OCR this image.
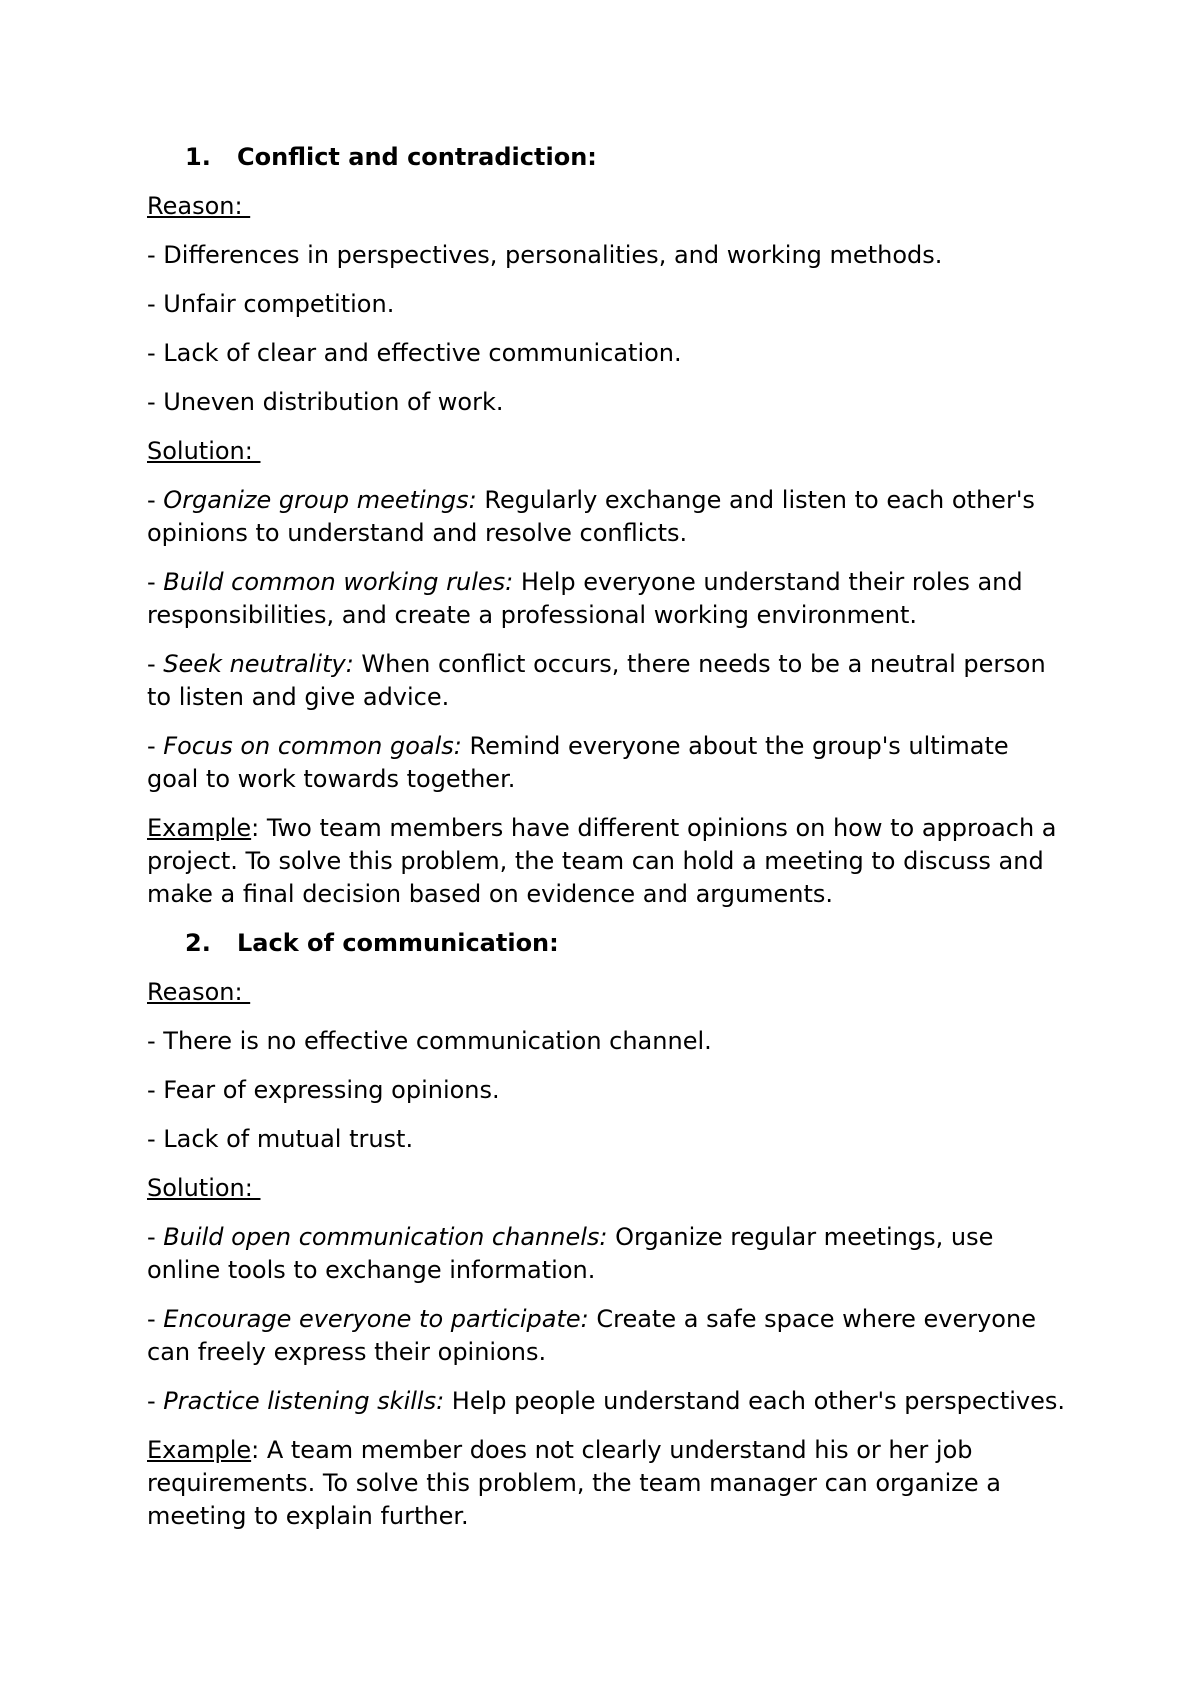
1. Conflict and contradiction:
Reason:
- Differences in perspectives, personalities, and working methods.
- Unfair competition.
- Lack of clear and effective communication.
- Uneven distribution of work.
Solution:
- Organize group meetings: Regularly exchange and listen to each other's opinions to understand and resolve conflicts.
- Build common working rules: Help everyone understand their roles and responsibilities, and create a professional working environment.
- Seek neutrality: When conflict occurs, there needs to be a neutral person to listen and give advice.
- Focus on common goals: Remind everyone about the group's ultimate goal to work towards together.
Example: Two team members have different opinions on how to approach a project. To solve this problem, the team can hold a meeting to discuss and make a final decision based on evidence and arguments.
2. Lack of communication:
Reason:
- There is no effective communication channel.
- Fear of expressing opinions.
- Lack of mutual trust.
Solution:
- Build open communication channels: Organize regular meetings, use online tools to exchange information.
- Encourage everyone to participate: Create a safe space where everyone can freely express their opinions.
- Practice listening skills: Help people understand each other's perspectives.
Example: A team member does not clearly understand his or her job requirements. To solve this problem, the team manager can organize a meeting to explain further.
